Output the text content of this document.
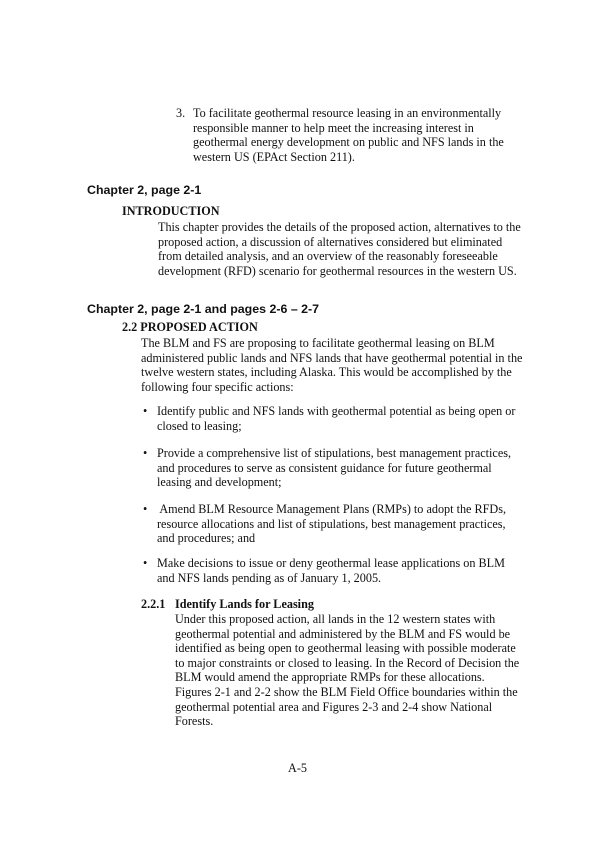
3. To facilitate geothermal resource leasing in an environmentally
responsible manner to help meet the increasing interest in
geothermal energy development on public and NFS lands in the
western US (EPAct Section 211).
Chapter 2, page 2-1
INTRODUCTION
This chapter provides the details of the proposed action, alternatives to the
proposed action, a discussion of alternatives considered but eliminated
from detailed analysis, and an overview of the reasonably foreseeable
development (RFD) scenario for geothermal resources in the western US.
Chapter 2, page 2-1 and pages 2-6 – 2-7
2.2 PROPOSED ACTION
The BLM and FS are proposing to facilitate geothermal leasing on BLM
administered public lands and NFS lands that have geothermal potential in the
twelve western states, including Alaska. This would be accomplished by the
following four specific actions:
• Identify public and NFS lands with geothermal potential as being open or
closed to leasing;
• Provide a comprehensive list of stipulations, best management practices,
and procedures to serve as consistent guidance for future geothermal
leasing and development;
• Amend BLM Resource Management Plans (RMPs) to adopt the RFDs,
resource allocations and list of stipulations, best management practices,
and procedures; and
• Make decisions to issue or deny geothermal lease applications on BLM
and NFS lands pending as of January 1, 2005.
2.2.1 Identify Lands for Leasing
Under this proposed action, all lands in the 12 western states with
geothermal potential and administered by the BLM and FS would be
identified as being open to geothermal leasing with possible moderate
to major constraints or closed to leasing. In the Record of Decision the
BLM would amend the appropriate RMPs for these allocations.
Figures 2-1 and 2-2 show the BLM Field Office boundaries within the
geothermal potential area and Figures 2-3 and 2-4 show National
Forests.
A-5
